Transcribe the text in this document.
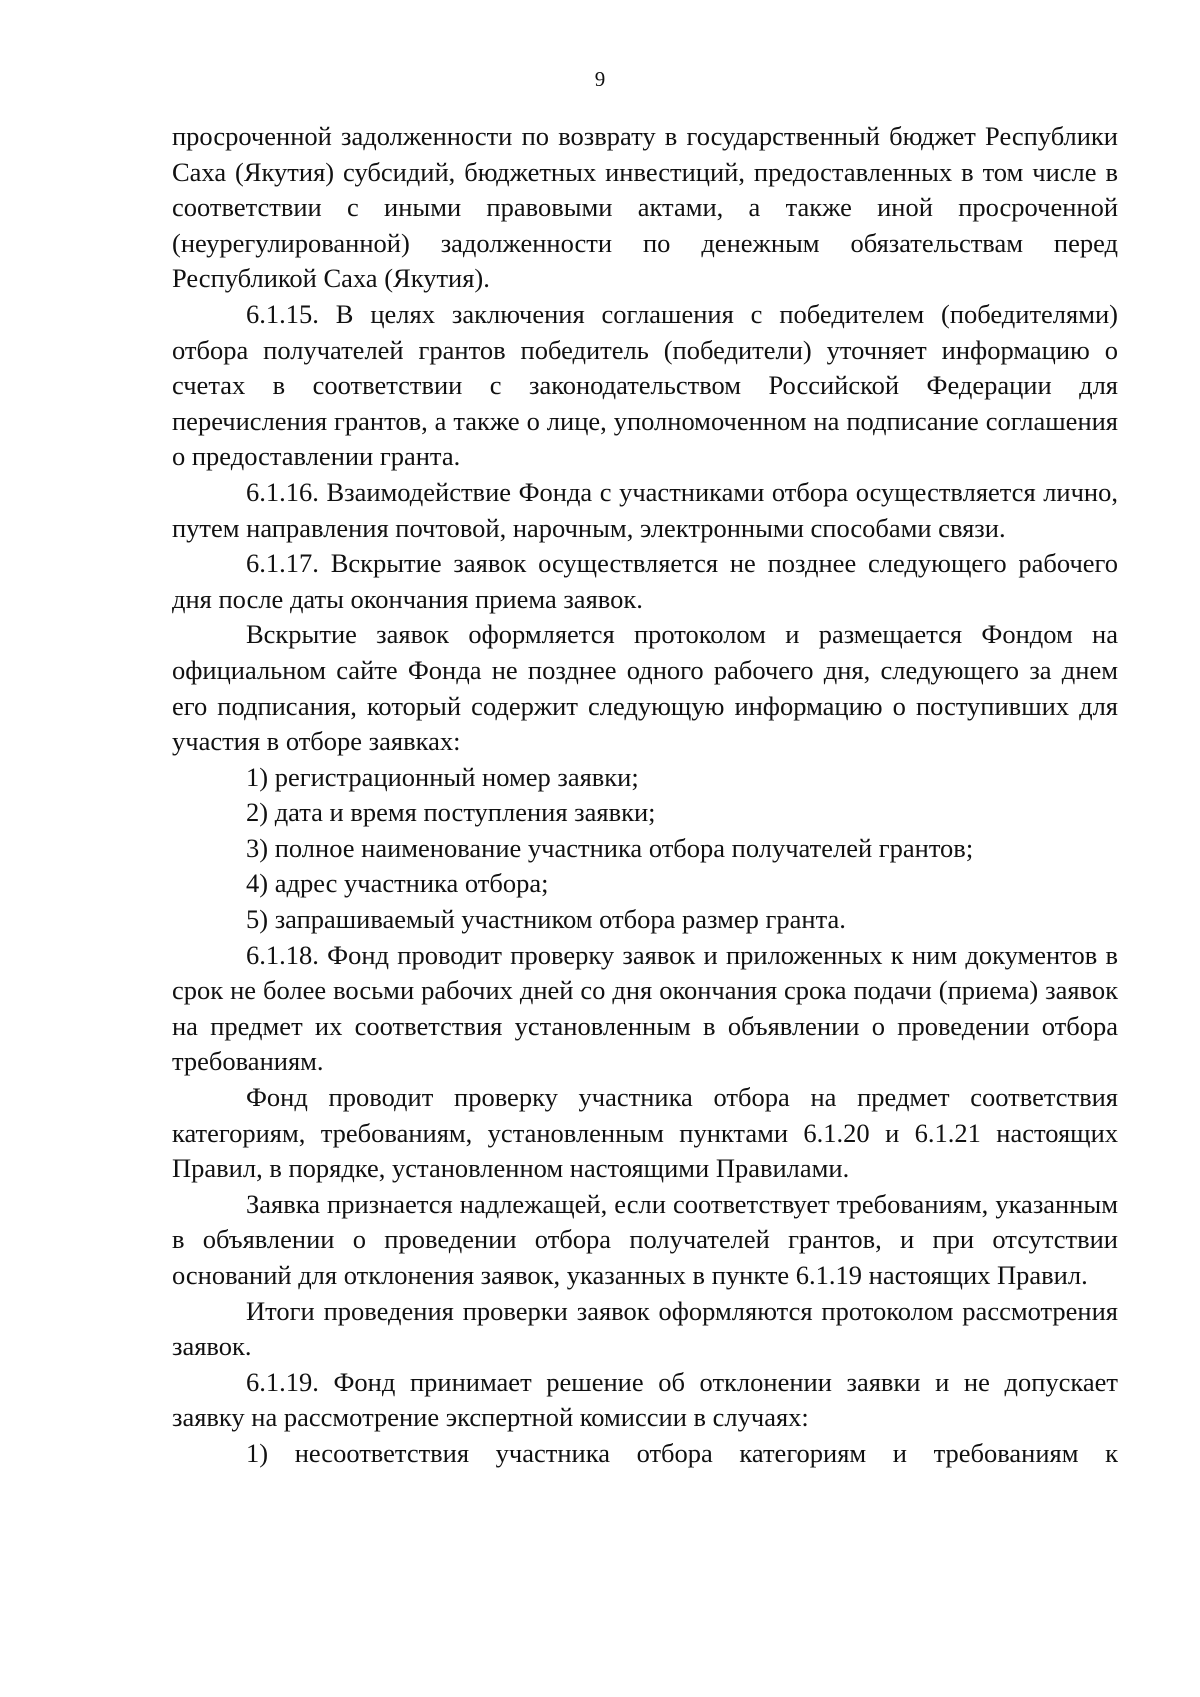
9

просроченной задолженности по возврату в государственный бюджет Республики Саха (Якутия) субсидий, бюджетных инвестиций, предоставленных в том числе в соответствии с иными правовыми актами, а также иной просроченной (неурегулированной) задолженности по денежным обязательствам перед Республикой Саха (Якутия).

6.1.15. В целях заключения соглашения с победителем (победителями) отбора получателей грантов победитель (победители) уточняет информацию о счетах в соответствии с законодательством Российской Федерации для перечисления грантов, а также о лице, уполномоченном на подписание соглашения о предоставлении гранта.

6.1.16. Взаимодействие Фонда с участниками отбора осуществляется лично, путем направления почтовой, нарочным, электронными способами связи.

6.1.17. Вскрытие заявок осуществляется не позднее следующего рабочего дня после даты окончания приема заявок.

Вскрытие заявок оформляется протоколом и размещается Фондом на официальном сайте Фонда не позднее одного рабочего дня, следующего за днем его подписания, который содержит следующую информацию о поступивших для участия в отборе заявках:

1) регистрационный номер заявки;

2) дата и время поступления заявки;

3) полное наименование участника отбора получателей грантов;

4) адрес участника отбора;

5) запрашиваемый участником отбора размер гранта.

6.1.18. Фонд проводит проверку заявок и приложенных к ним документов в срок не более восьми рабочих дней со дня окончания срока подачи (приема) заявок на предмет их соответствия установленным в объявлении о проведении отбора требованиям.

Фонд проводит проверку участника отбора на предмет соответствия категориям, требованиям, установленным пунктами 6.1.20 и 6.1.21 настоящих Правил, в порядке, установленном настоящими Правилами.

Заявка признается надлежащей, если соответствует требованиям, указанным в объявлении о проведении отбора получателей грантов, и при отсутствии оснований для отклонения заявок, указанных в пункте 6.1.19 настоящих Правил.

Итоги проведения проверки заявок оформляются протоколом рассмотрения заявок.

6.1.19. Фонд принимает решение об отклонении заявки и не допускает заявку на рассмотрение экспертной комиссии в случаях:

1) несоответствия участника отбора категориям и требованиям к
